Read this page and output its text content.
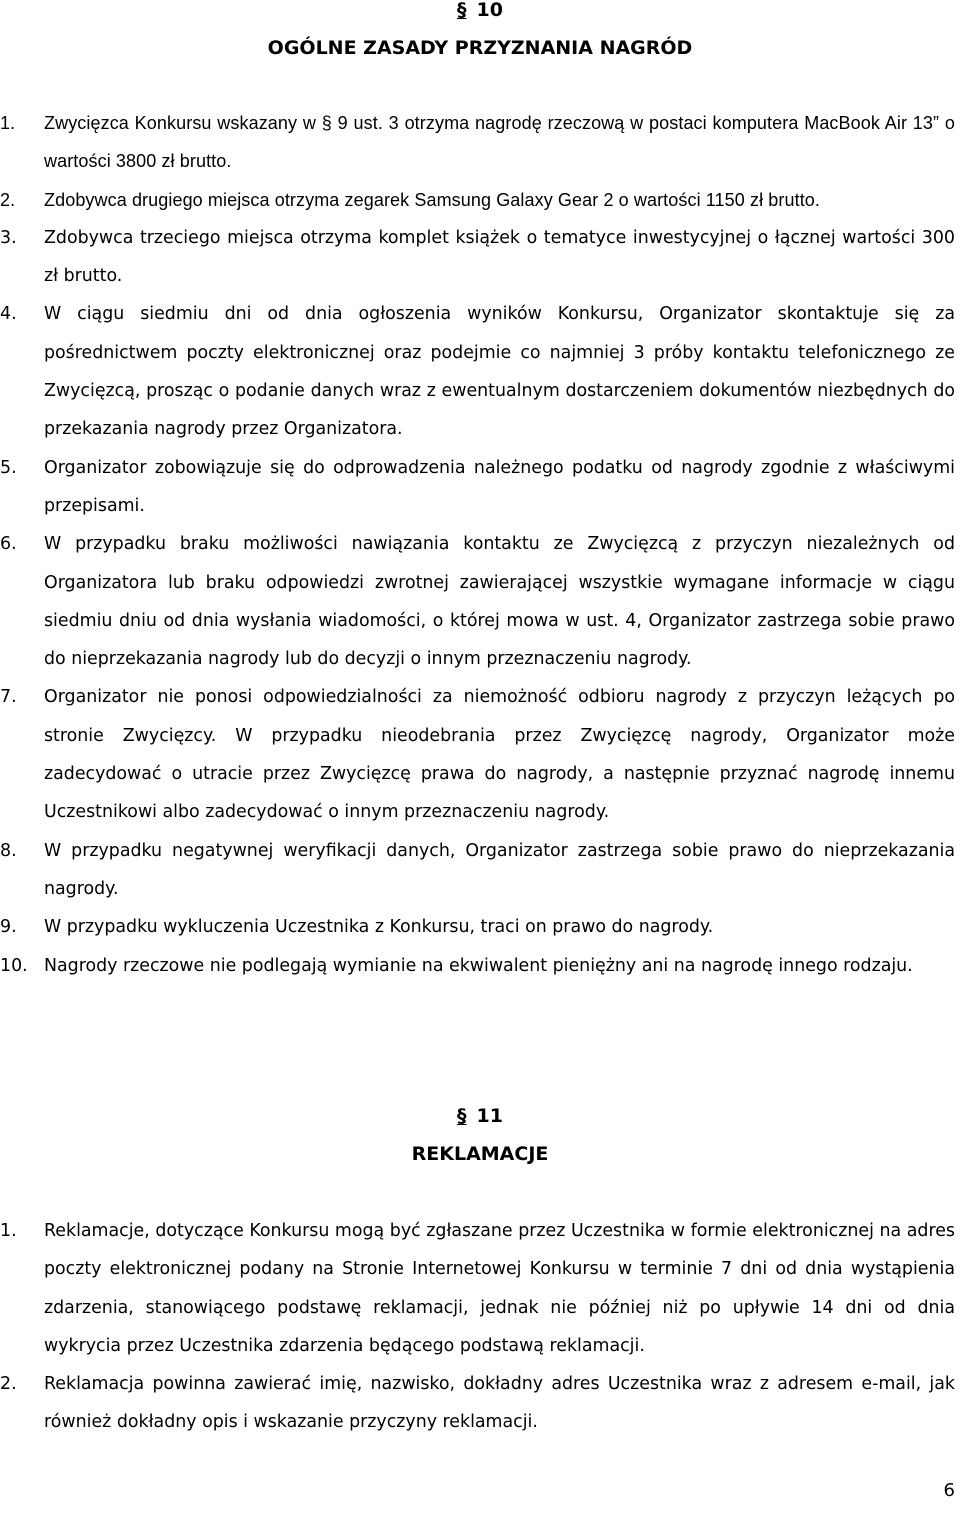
§ 10
OGÓLNE ZASADY PRZYZNANIA NAGRÓD
1. Zwycięzca Konkursu wskazany w § 9 ust. 3 otrzyma nagrodę rzeczową w postaci komputera MacBook Air 13” o wartości 3800 zł brutto.
2. Zdobywca drugiego miejsca otrzyma zegarek Samsung Galaxy Gear 2 o wartości 1150 zł brutto.
3. Zdobywca trzeciego miejsca otrzyma komplet książek o tematyce inwestycyjnej o łącznej wartości 300 zł brutto.
4. W ciągu siedmiu dni od dnia ogłoszenia wyników Konkursu, Organizator skontaktuje się za pośrednictwem poczty elektronicznej oraz podejmie co najmniej 3 próby kontaktu telefonicznego ze Zwycięzcą, prosząc o podanie danych wraz z ewentualnym dostarczeniem dokumentów niezbędnych do przekazania nagrody przez Organizatora.
5. Organizator zobowiązuje się do odprowadzenia należnego podatku od nagrody zgodnie z właściwymi przepisami.
6. W przypadku braku możliwości nawiązania kontaktu ze Zwycięzcą z przyczyn niezależnych od Organizatora lub braku odpowiedzi zwrotnej zawierającej wszystkie wymagane informacje w ciągu siedmiu dniu od dnia wysłania wiadomości, o której mowa w ust. 4, Organizator zastrzega sobie prawo do nieprzekazania nagrody lub do decyzji o innym przeznaczeniu nagrody.
7. Organizator nie ponosi odpowiedzialności za niemożność odbioru nagrody z przyczyn leżących po stronie Zwycięzcy. W przypadku nieodebrania przez Zwycięzcę nagrody, Organizator może zadecydować o utracie przez Zwycięzcę prawa do nagrody, a następnie przyznać nagrodę innemu Uczestnikowi albo zadecydować o innym przeznaczeniu nagrody.
8. W przypadku negatywnej weryfikacji danych, Organizator zastrzega sobie prawo do nieprzekazania nagrody.
9. W przypadku wykluczenia Uczestnika z Konkursu, traci on prawo do nagrody.
10. Nagrody rzeczowe nie podlegają wymianie na ekwiwalent pieniężny ani na nagrodę innego rodzaju.
§ 11
REKLAMACJE
1. Reklamacje, dotyczące Konkursu mogą być zgłaszane przez Uczestnika w formie elektronicznej na adres poczty elektronicznej podany na Stronie Internetowej Konkursu w terminie 7 dni od dnia wystąpienia zdarzenia, stanowiącego podstawę reklamacji, jednak nie później niż po upływie 14 dni od dnia wykrycia przez Uczestnika zdarzenia będącego podstawą reklamacji.
2. Reklamacja powinna zawierać imię, nazwisko, dokładny adres Uczestnika wraz z adresem e-mail, jak również dokładny opis i wskazanie przyczyny reklamacji.
6
